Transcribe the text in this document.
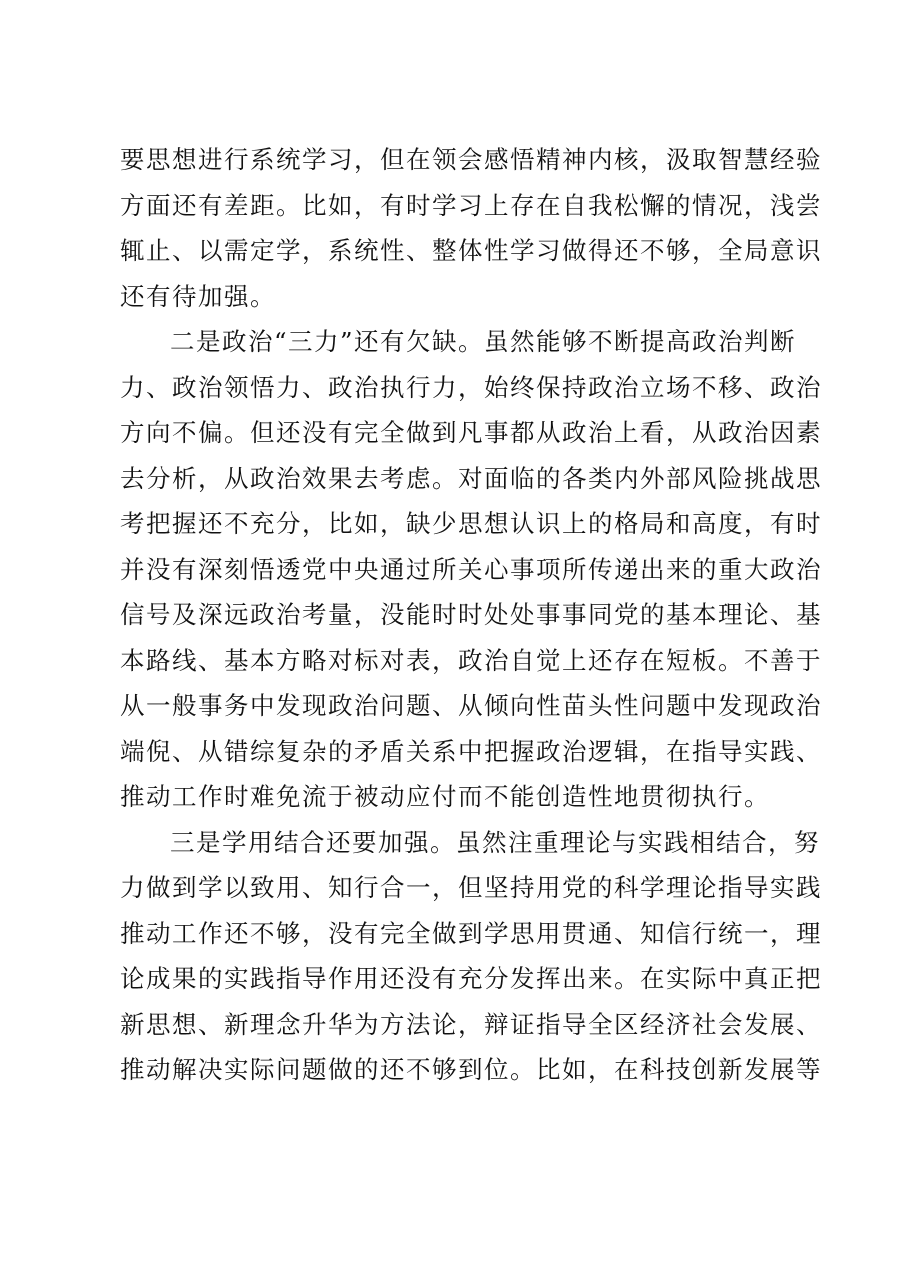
要思想进行系统学习，但在领会感悟精神内核，汲取智慧经验
方面还有差距。比如，有时学习上存在自我松懈的情况，浅尝
辄止、以需定学，系统性、整体性学习做得还不够，全局意识
还有待加强。
二是政治“三力”还有欠缺。虽然能够不断提高政治判断
力、政治领悟力、政治执行力，始终保持政治立场不移、政治
方向不偏。但还没有完全做到凡事都从政治上看，从政治因素
去分析，从政治效果去考虑。对面临的各类内外部风险挑战思
考把握还不充分，比如，缺少思想认识上的格局和高度，有时
并没有深刻悟透党中央通过所关心事项所传递出来的重大政治
信号及深远政治考量，没能时时处处事事同党的基本理论、基
本路线、基本方略对标对表，政治自觉上还存在短板。不善于
从一般事务中发现政治问题、从倾向性苗头性问题中发现政治
端倪、从错综复杂的矛盾关系中把握政治逻辑，在指导实践、
推动工作时难免流于被动应付而不能创造性地贯彻执行。
三是学用结合还要加强。虽然注重理论与实践相结合，努
力做到学以致用、知行合一，但坚持用党的科学理论指导实践
推动工作还不够，没有完全做到学思用贯通、知信行统一，理
论成果的实践指导作用还没有充分发挥出来。在实际中真正把
新思想、新理念升华为方法论，辩证指导全区经济社会发展、
推动解决实际问题做的还不够到位。比如，在科技创新发展等
